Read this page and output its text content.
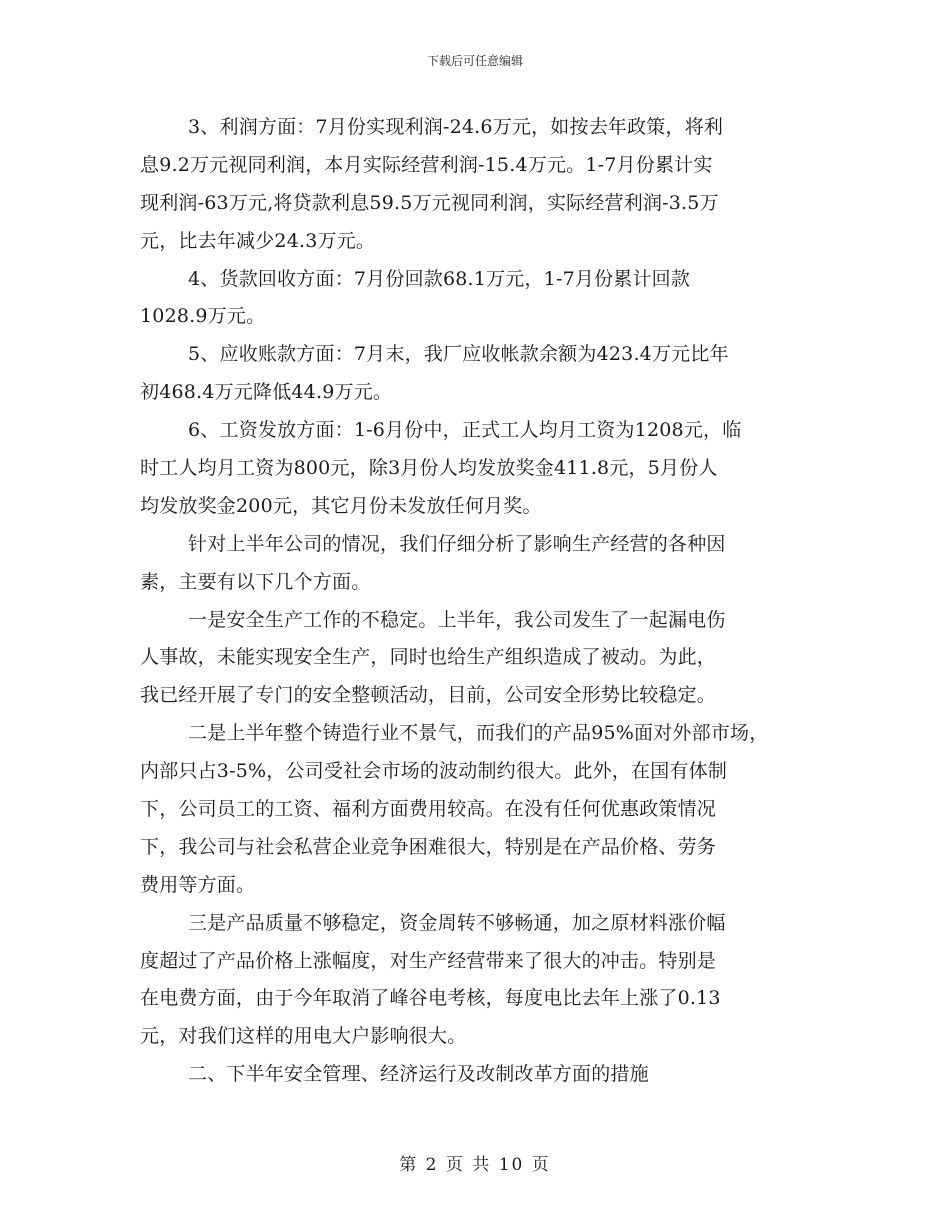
下载后可任意编辑
3、利润方面：7月份实现利润-24.6万元，如按去年政策，将利
息9.2万元视同利润，本月实际经营利润-15.4万元。1-7月份累计实
现利润-63万元,将贷款利息59.5万元视同利润，实际经营利润-3.5万
元，比去年减少24.3万元。
4、货款回收方面：7月份回款68.1万元，1-7月份累计回款
1028.9万元。
5、应收账款方面：7月末，我厂应收帐款余额为423.4万元比年
初468.4万元降低44.9万元。
6、工资发放方面：1-6月份中，正式工人均月工资为1208元，临
时工人均月工资为800元，除3月份人均发放奖金411.8元，5月份人
均发放奖金200元，其它月份未发放任何月奖。
针对上半年公司的情况，我们仔细分析了影响生产经营的各种因
素，主要有以下几个方面。
一是安全生产工作的不稳定。上半年，我公司发生了一起漏电伤
人事故，未能实现安全生产，同时也给生产组织造成了被动。为此，
我已经开展了专门的安全整顿活动，目前，公司安全形势比较稳定。
二是上半年整个铸造行业不景气，而我们的产品95%面对外部市场，
内部只占3-5%，公司受社会市场的波动制约很大。此外，在国有体制
下，公司员工的工资、福利方面费用较高。在没有任何优惠政策情况
下，我公司与社会私营企业竞争困难很大，特别是在产品价格、劳务
费用等方面。
三是产品质量不够稳定，资金周转不够畅通，加之原材料涨价幅
度超过了产品价格上涨幅度，对生产经营带来了很大的冲击。特别是
在电费方面，由于今年取消了峰谷电考核，每度电比去年上涨了0.13
元，对我们这样的用电大户影响很大。
二、下半年安全管理、经济运行及改制改革方面的措施
第 2 页 共 10 页
